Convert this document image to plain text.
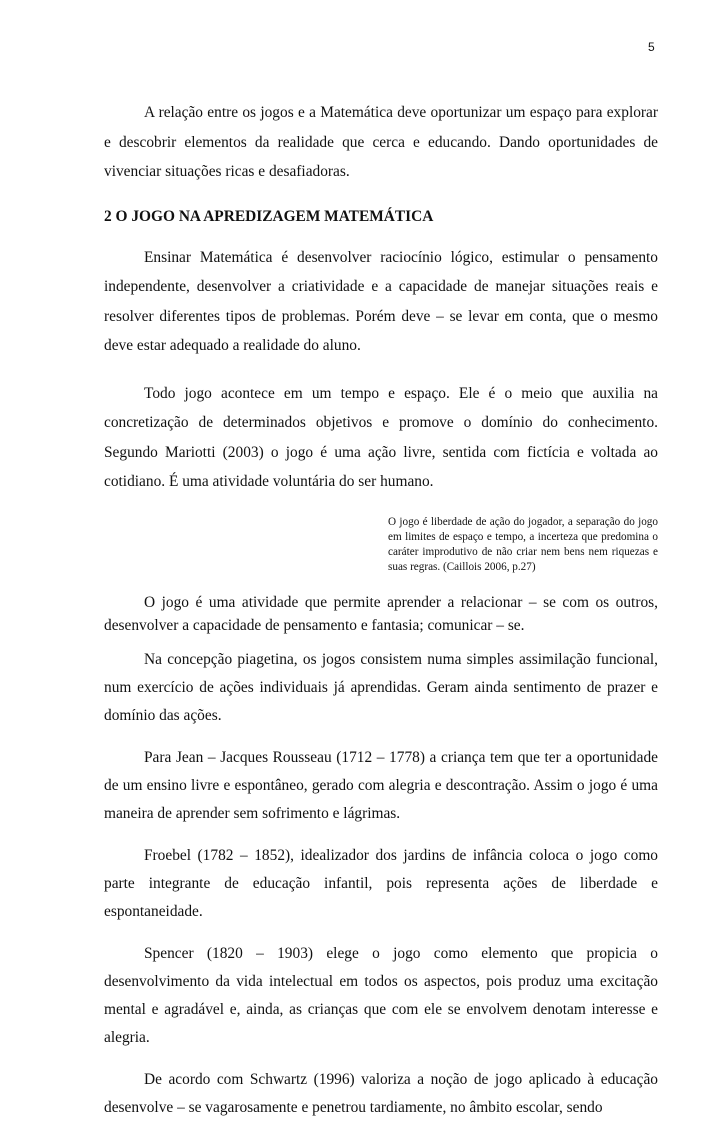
5

A relação entre os jogos e a Matemática deve oportunizar um espaço para explorar e descobrir elementos da realidade que cerca e educando. Dando oportunidades de vivenciar situações ricas e desafiadoras.

2 O JOGO NA APREDIZAGEM MATEMÁTICA

Ensinar Matemática é desenvolver raciocínio lógico, estimular o pensamento independente, desenvolver a criatividade e a capacidade de manejar situações reais e resolver diferentes tipos de problemas. Porém deve – se levar em conta, que o mesmo deve estar adequado a realidade do aluno.

Todo jogo acontece em um tempo e espaço. Ele é o meio que auxilia na concretização de determinados objetivos e promove o domínio do conhecimento. Segundo Mariotti (2003) o jogo é uma ação livre, sentida com fictícia e voltada ao cotidiano. É uma atividade voluntária do ser humano.

O jogo é liberdade de ação do jogador, a separação do jogo em limites de espaço e tempo, a incerteza que predomina o caráter improdutivo de não criar nem bens nem riquezas e suas regras. (Caillois 2006, p.27)

O jogo é uma atividade que permite aprender a relacionar – se com os outros, desenvolver a capacidade de pensamento e fantasia; comunicar – se.

Na concepção piagetina, os jogos consistem numa simples assimilação funcional, num exercício de ações individuais já aprendidas. Geram ainda sentimento de prazer e domínio das ações.

Para Jean – Jacques Rousseau (1712 – 1778) a criança tem que ter a oportunidade de um ensino livre e espontâneo, gerado com alegria e descontração. Assim o jogo é uma maneira de aprender sem sofrimento e lágrimas.

Froebel (1782 – 1852), idealizador dos jardins de infância coloca o jogo como parte integrante de educação infantil, pois representa ações de liberdade e espontaneidade.

Spencer (1820 – 1903) elege o jogo como elemento que propicia o desenvolvimento da vida intelectual em todos os aspectos, pois produz uma excitação mental e agradável e, ainda, as crianças que com ele se envolvem denotam interesse e alegria.

De acordo com Schwartz (1996) valoriza a noção de jogo aplicado à educação desenvolve – se vagarosamente e penetrou tardiamente, no âmbito escolar, sendo
